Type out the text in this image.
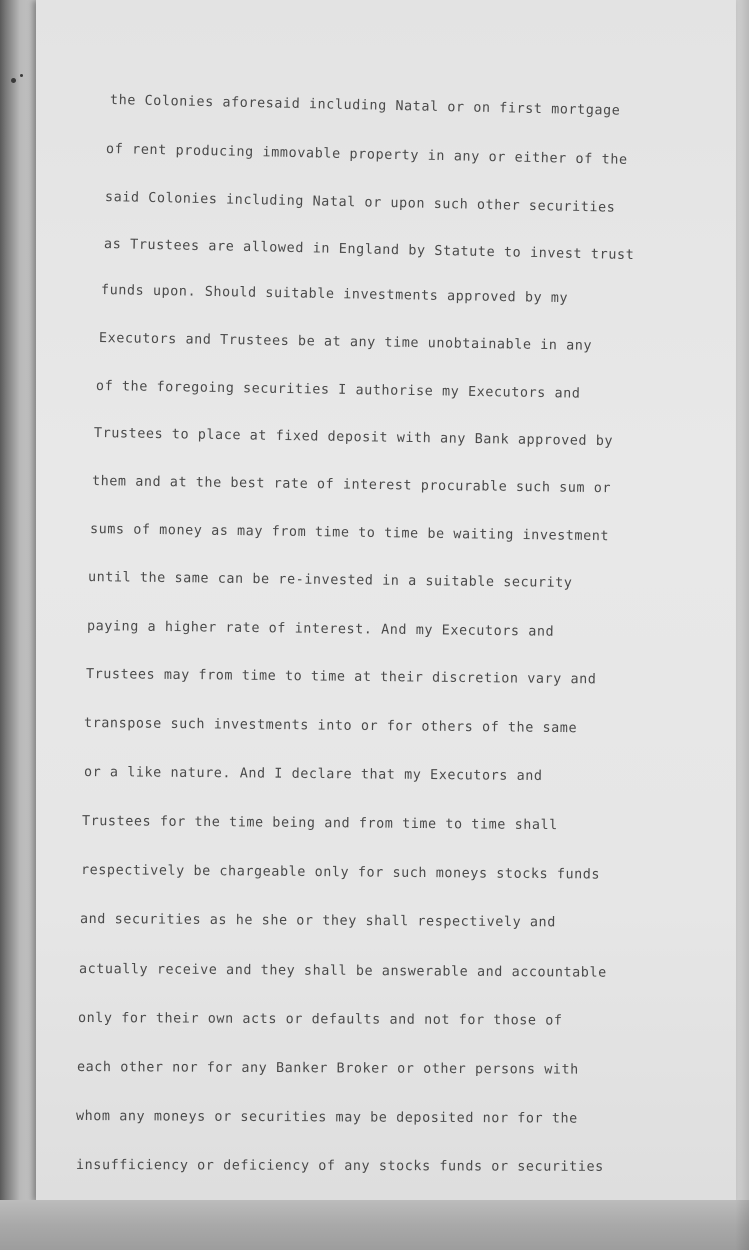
the Colonies aforesaid including Natal or on first mortgage

of rent producing immovable property in any or either of the

said Colonies including Natal or upon such other securities

as Trustees are allowed in England by Statute to invest trust

funds upon. Should suitable investments approved by my

Executors and Trustees be at any time unobtainable in any

of the foregoing securities I authorise my Executors and

Trustees to place at fixed deposit with any Bank approved by

them and at the best rate of interest procurable such sum or

sums of money as may from time to time be waiting investment

until the same can be re-invested in a suitable security

paying a higher rate of interest. And my Executors and

Trustees may from time to time at their discretion vary and

transpose such investments into or for others of the same

or a like nature. And I declare that my Executors and

Trustees for the time being and from time to time shall

respectively be chargeable only for such moneys stocks funds

and securities as he she or they shall respectively and

actually receive and they shall be answerable and accountable

only for their own acts or defaults and not for those of

each other nor for any Banker Broker or other persons with

whom any moneys or securities may be deposited nor for the

insufficiency or deficiency of any stocks funds or securities
